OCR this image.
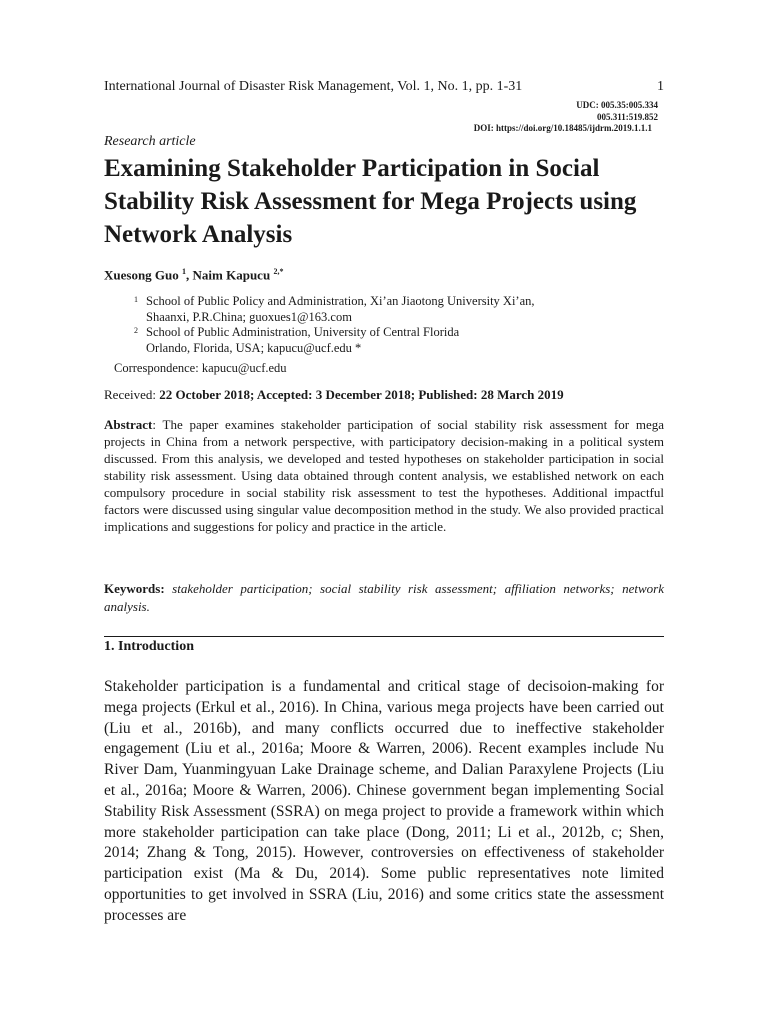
International Journal of Disaster Risk Management, Vol. 1, No. 1, pp. 1-31	1
UDC: 005.35:005.334
005.311:519.852
DOI: https://doi.org/10.18485/ijdrm.2019.1.1.1
Research article
Examining Stakeholder Participation in Social Stability Risk Assessment for Mega Projects using Network Analysis
Xuesong Guo $^1$, Naim Kapucu $^{2,*}$
1 School of Public Policy and Administration, Xi’an Jiaotong University Xi’an,
Shaanxi, P.R.China; guoxues1@163.com
2 School of Public Administration, University of Central Florida
Orlando, Florida, USA; kapucu@ucf.edu *
Correspondence: kapucu@ucf.edu
Received: 22 October 2018; Accepted: 3 December 2018; Published: 28 March 2019

Abstract: The paper examines stakeholder participation of social stability risk assessment for mega projects in China from a network perspective, with participatory decision-making in a political system discussed. From this analysis, we developed and tested hypotheses on stakeholder participation in social stability risk assessment. Using data obtained through content analysis, we established network on each compulsory procedure in social stability risk assessment to test the hypotheses. Additional impactful factors were discussed using singular value decomposition method in the study. We also provided practical implications and suggestions for policy and practice in the article.

Keywords: stakeholder participation; social stability risk assessment; affiliation networks; network analysis.
1. Introduction

Stakeholder participation is a fundamental and critical stage of decisoion-making for mega projects (Erkul et al., 2016). In China, various mega projects have been carried out (Liu et al., 2016b), and many conflicts occurred due to ineffective stakeholder engagement (Liu et al., 2016a; Moore & Warren, 2006). Recent examples include Nu River Dam, Yuanmingyuan Lake Drainage scheme, and Dalian Paraxylene Projects (Liu et al., 2016a; Moore & Warren, 2006). Chinese government began implementing Social Stability Risk Assessment (SSRA) on mega project to provide a framework within which more stakeholder participation can take place (Dong, 2011; Li et al., 2012b, c; Shen, 2014; Zhang & Tong, 2015). However, controversies on effectiveness of stakeholder participation exist (Ma & Du, 2014). Some public representatives note limited opportunities to get involved in SSRA (Liu, 2016) and some critics state the assessment processes are
